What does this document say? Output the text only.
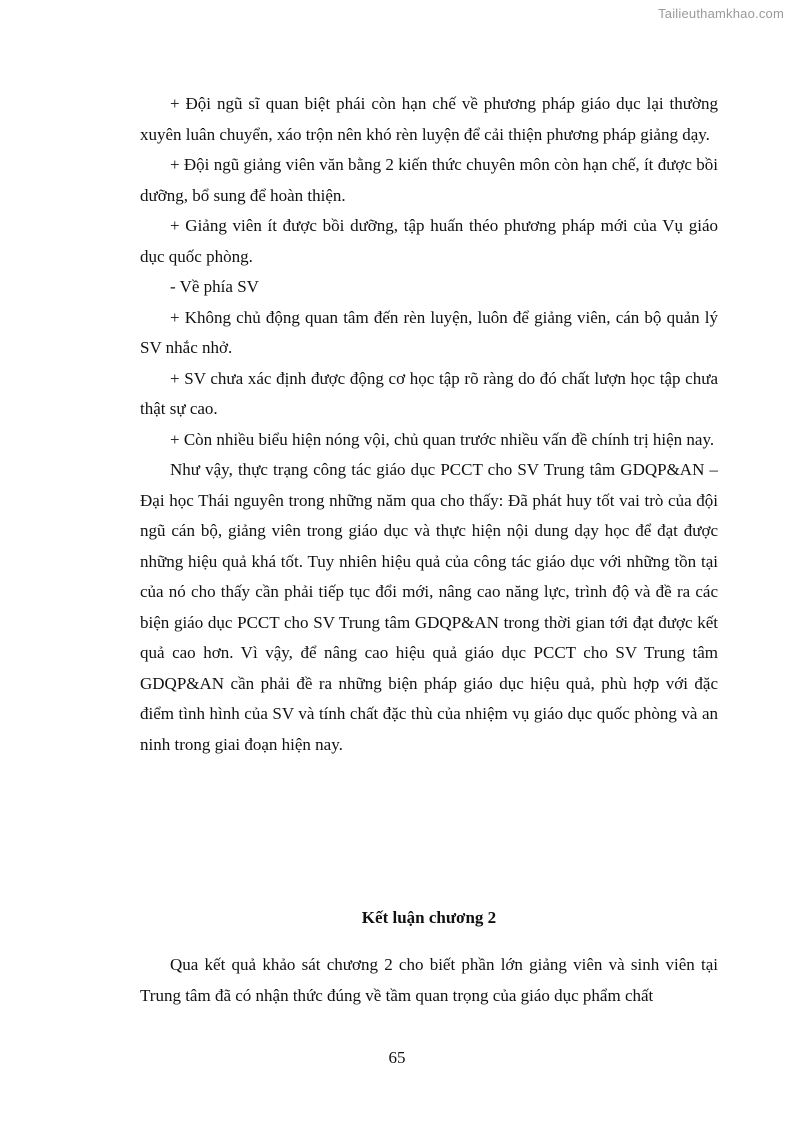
Tailieuthamkhao.com

+ Đội ngũ sĩ quan biệt phái còn hạn chế về phương pháp giáo dục lại thường xuyên luân chuyển, xáo trộn nên khó rèn luyện để cải thiện phương pháp giảng dạy.

+ Đội ngũ giảng viên văn bằng 2 kiến thức chuyên môn còn hạn chế, ít được bồi dưỡng, bổ sung để hoàn thiện.

+ Giảng viên ít được bồi dưỡng, tập huấn théo phương pháp mới của Vụ giáo dục quốc phòng.

- Về phía SV

+ Không chủ động quan tâm đến rèn luyện, luôn để giảng viên, cán bộ quản lý SV nhắc nhở.

+ SV chưa xác định được động cơ học tập rõ ràng do đó chất lượn học tập chưa thật sự cao.

+ Còn nhiều biểu hiện nóng vội, chủ quan trước nhiều vấn đề chính trị hiện nay.

Như vậy, thực trạng công tác giáo dục PCCT cho SV Trung tâm GDQP&AN – Đại học Thái nguyên trong những năm qua cho thấy: Đã phát huy tốt vai trò của đội ngũ cán bộ, giảng viên trong giáo dục và thực hiện nội dung dạy học để đạt được những hiệu quả khá tốt. Tuy nhiên hiệu quả của công tác giáo dục với những tồn tại của nó cho thấy cần phải tiếp tục đổi mới, nâng cao năng lực, trình độ và đề ra các biện giáo dục PCCT cho SV Trung tâm GDQP&AN trong thời gian tới đạt được kết quả cao hơn. Vì vậy, để nâng cao hiệu quả giáo dục PCCT cho SV Trung tâm GDQP&AN cần phải đề ra những biện pháp giáo dục hiệu quả, phù hợp với đặc điểm tình hình của SV và tính chất đặc thù của nhiệm vụ giáo dục quốc phòng và an ninh trong giai đoạn hiện nay.

Kết luận chương 2

Qua kết quả khảo sát chương 2 cho biết phần lớn giảng viên và sinh viên tại Trung tâm đã có nhận thức đúng về tầm quan trọng của giáo dục phẩm chất

65
